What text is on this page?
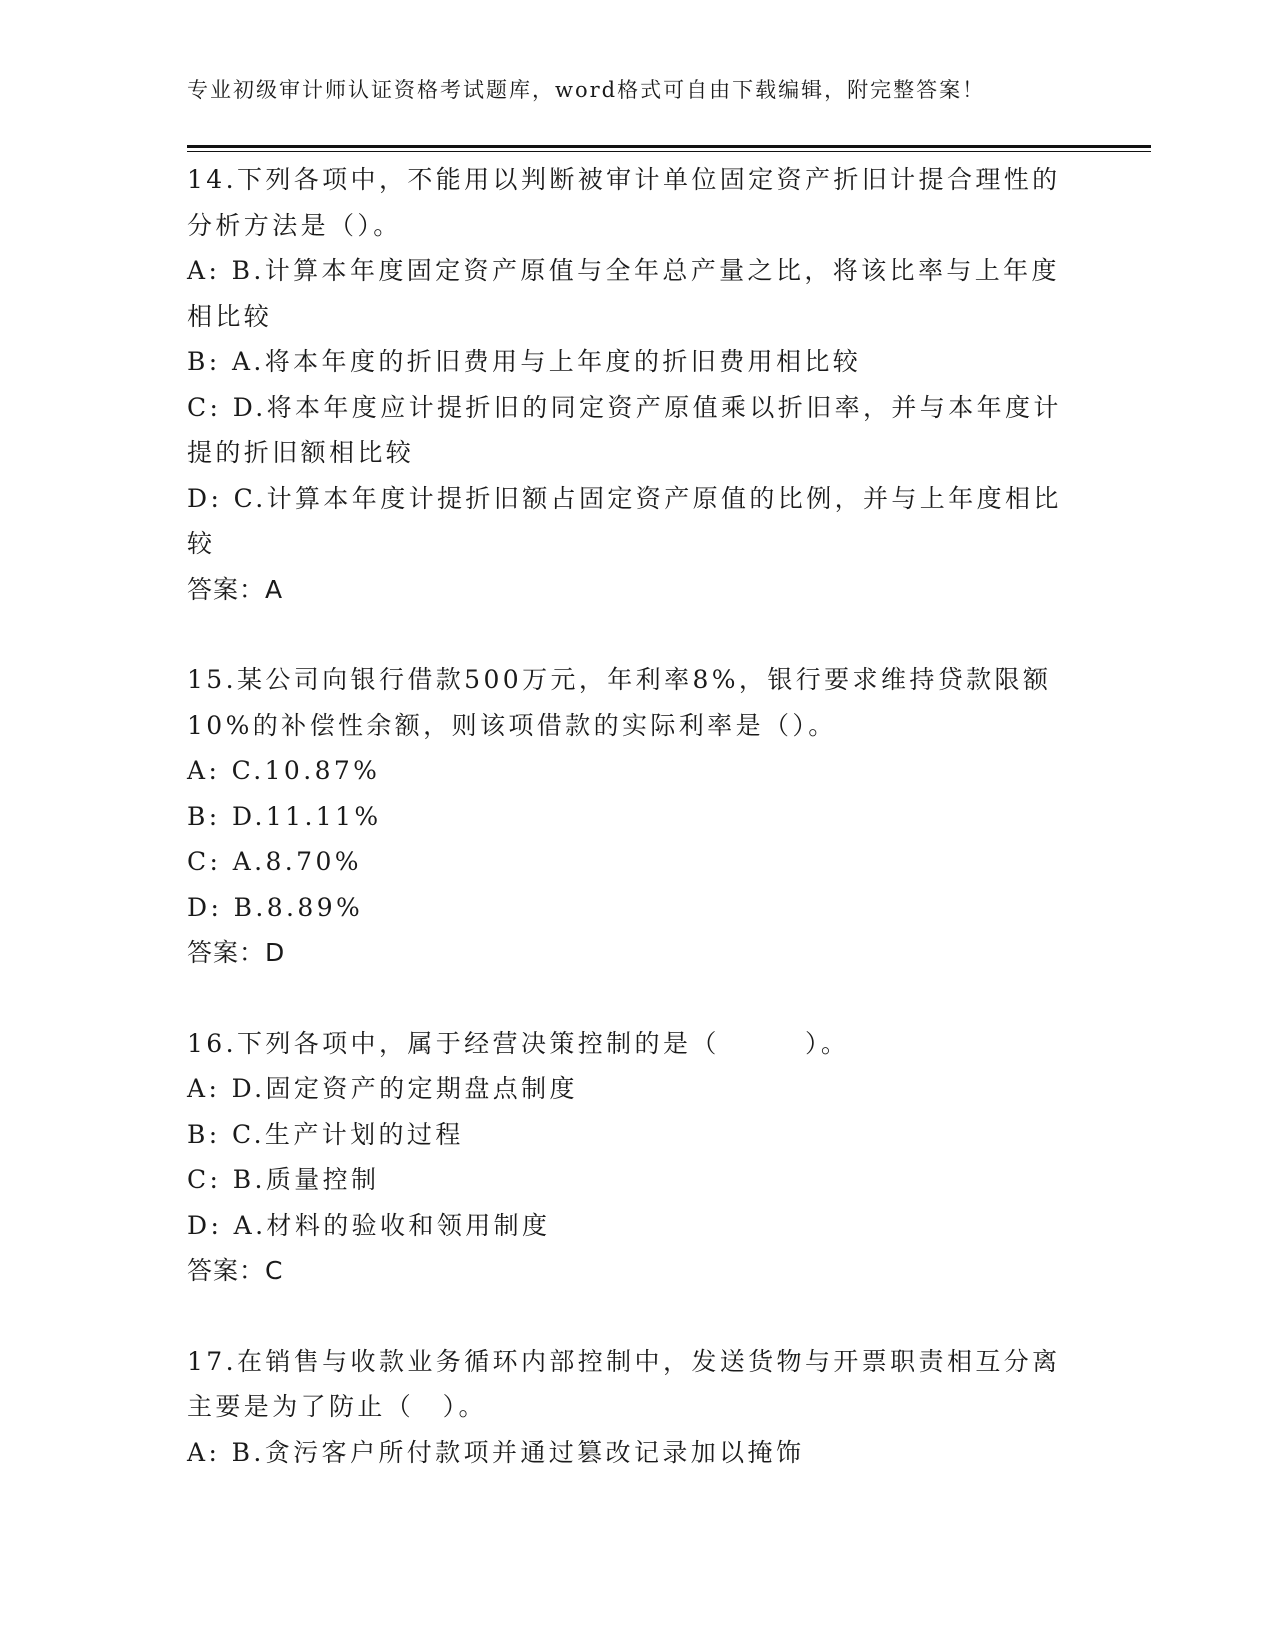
专业初级审计师认证资格考试题库，word格式可自由下载编辑，附完整答案！
14.下列各项中，不能用以判断被审计单位固定资产折旧计提合理性的
分析方法是（）。
A: B.计算本年度固定资产原值与全年总产量之比，将该比率与上年度
相比较
B: A.将本年度的折旧费用与上年度的折旧费用相比较
C: D.将本年度应计提折旧的同定资产原值乘以折旧率，并与本年度计
提的折旧额相比较
D: C.计算本年度计提折旧额占固定资产原值的比例，并与上年度相比
较
答案：A
15.某公司向银行借款500万元，年利率8%，银行要求维持贷款限额
10%的补偿性余额，则该项借款的实际利率是（）。
A: C.10.87%
B: D.11.11%
C: A.8.70%
D: B.8.89%
答案：D
16.下列各项中，属于经营决策控制的是（　　　）。
A: D.固定资产的定期盘点制度
B: C.生产计划的过程
C: B.质量控制
D: A.材料的验收和领用制度
答案：C
17.在销售与收款业务循环内部控制中，发送货物与开票职责相互分离
主要是为了防止（　）。
A: B.贪污客户所付款项并通过篡改记录加以掩饰
